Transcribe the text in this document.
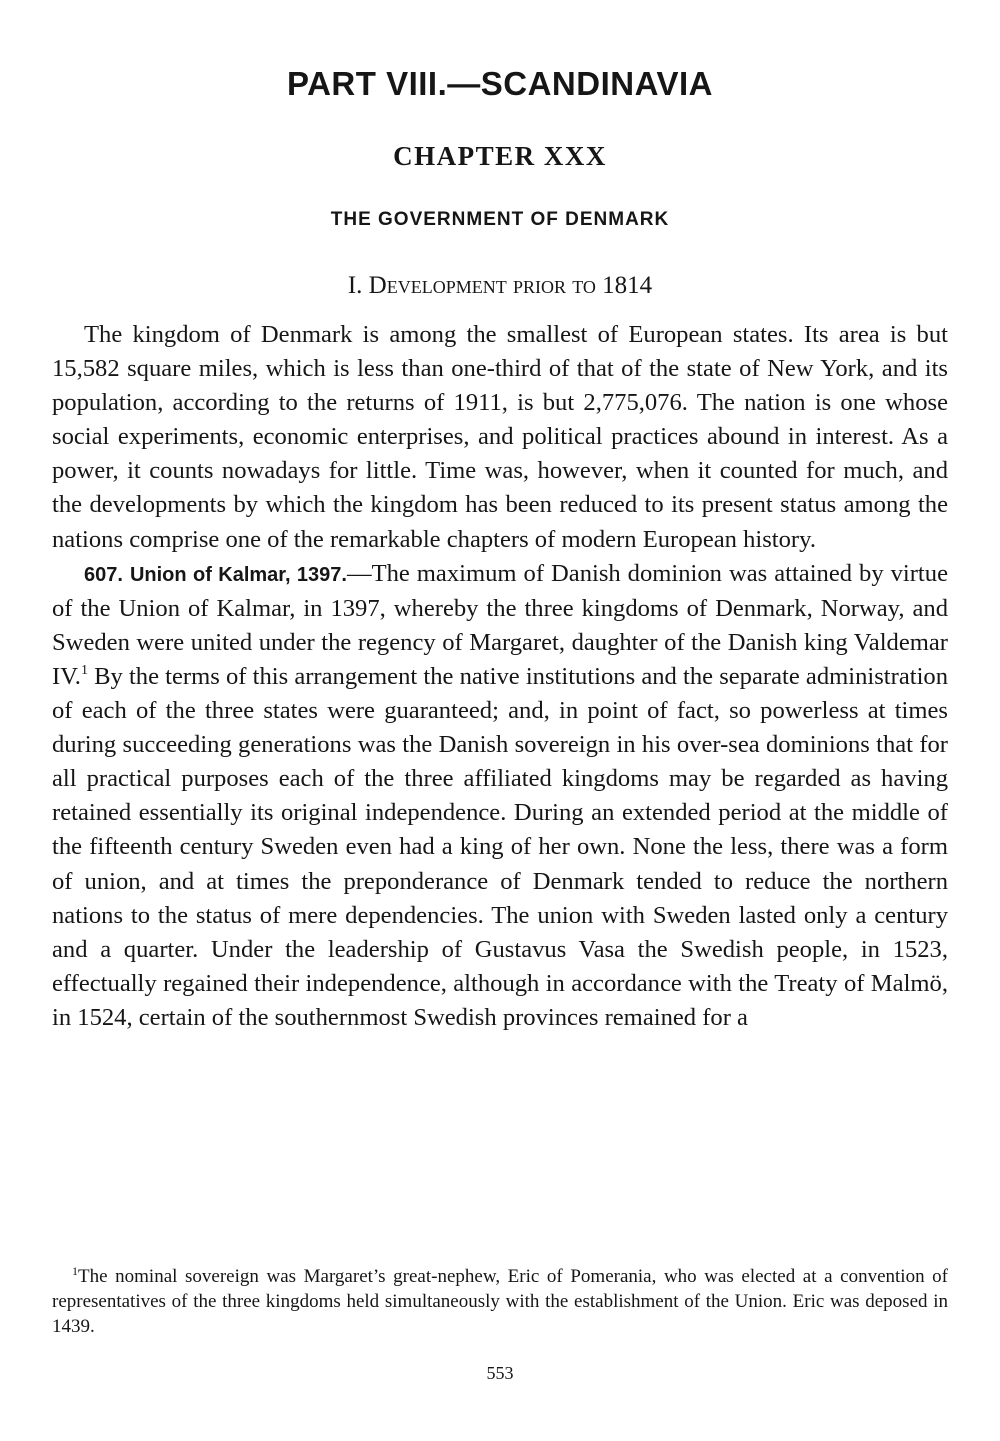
PART VIII.—SCANDINAVIA
CHAPTER XXX
THE GOVERNMENT OF DENMARK
I. Development prior to 1814

The kingdom of Denmark is among the smallest of European states. Its area is but 15,582 square miles, which is less than one-third of that of the state of New York, and its population, according to the returns of 1911, is but 2,775,076. The nation is one whose social experiments, economic enterprises, and political practices abound in interest. As a power, it counts nowadays for little. Time was, however, when it counted for much, and the developments by which the kingdom has been reduced to its present status among the nations comprise one of the remarkable chapters of modern European history.

607. Union of Kalmar, 1397.—The maximum of Danish dominion was attained by virtue of the Union of Kalmar, in 1397, whereby the three kingdoms of Denmark, Norway, and Sweden were united under the regency of Margaret, daughter of the Danish king Valdemar IV.$^1$ By the terms of this arrangement the native institutions and the separate administration of each of the three states were guaranteed; and, in point of fact, so powerless at times during succeeding generations was the Danish sovereign in his over-sea dominions that for all practical purposes each of the three affiliated kingdoms may be regarded as having retained essentially its original independence. During an extended period at the middle of the fifteenth century Sweden even had a king of her own. None the less, there was a form of union, and at times the preponderance of Denmark tended to reduce the northern nations to the status of mere dependencies. The union with Sweden lasted only a century and a quarter. Under the leadership of Gustavus Vasa the Swedish people, in 1523, effectually regained their independence, although in accordance with the Treaty of Malmö, in 1524, certain of the southernmost Swedish provinces remained for a

$^1$The nominal sovereign was Margaret’s great-nephew, Eric of Pomerania, who was elected at a convention of representatives of the three kingdoms held simultaneously with the establishment of the Union. Eric was deposed in 1439.
553
